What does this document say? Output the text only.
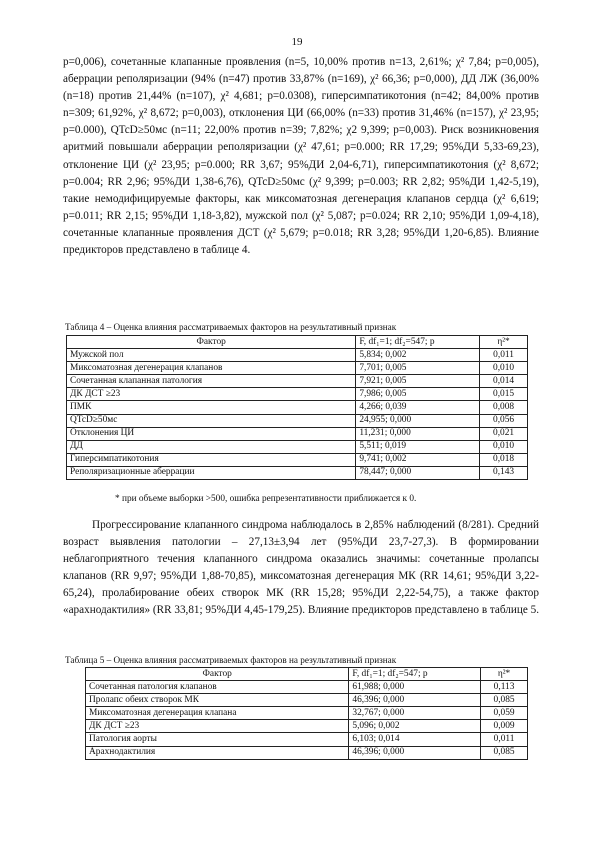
19

p=0,006), сочетанные клапанные проявления (n=5, 10,00% против n=13, 2,61%; χ² 7,84; p=0,005), аберрации реполяризации (94% (n=47) против 33,87% (n=169), χ² 66,36; p=0,000), ДД ЛЖ (36,00% (n=18) против 21,44% (n=107), χ² 4,681; p=0.0308), гиперсимпатикотония (n=42; 84,00% против n=309; 61,92%, χ² 8,672; p=0,003), отклонения ЦИ (66,00% (n=33) против 31,46% (n=157), χ² 23,95; p=0.000), QTcD≥50мс (n=11; 22,00% против n=39; 7,82%; χ2 9,399; p=0,003). Риск возникновения аритмий повышали аберрации реполяризации (χ² 47,61; p=0.000; RR 17,29; 95%ДИ 5,33-69,23), отклонение ЦИ (χ² 23,95; p=0.000; RR 3,67; 95%ДИ 2,04-6,71), гиперсимпатикотония (χ² 8,672; p=0.004; RR 2,96; 95%ДИ 1,38-6,76), QTcD≥50мс (χ² 9,399; p=0.003; RR 2,82; 95%ДИ 1,42-5,19), такие немодифицируемые факторы, как миксоматозная дегенерация клапанов сердца (χ² 6,619; p=0.011; RR 2,15; 95%ДИ 1,18-3,82), мужской пол (χ² 5,087; p=0.024; RR 2,10; 95%ДИ 1,09-4,18), сочетанные клапанные проявления ДСТ (χ² 5,679; p=0.018; RR 3,28; 95%ДИ 1,20-6,85). Влияние предикторов представлено в таблице 4.

Таблица 4 – Оценка влияния рассматриваемых факторов на результативный признак
Фактор	F, df₁=1; df₂=547; p	η²*
Мужской пол	5,834; 0,002	0,011
Миксоматозная дегенерация клапанов	7,701; 0,005	0,010
Сочетанная клапанная патология	7,921; 0,005	0,014
ДК ДСТ ≥23	7,986; 0,005	0,015
ПМК	4,266; 0,039	0,008
QTcD≥50мс	24,955; 0,000	0,056
Отклонения ЦИ	11,231; 0,000	0,021
ДД	5,511; 0,019	0,010
Гиперсимпатикотония	9,741; 0,002	0,018
Реполяризационные аберрации	78,447; 0,000	0,143
* при объеме выборки >500, ошибка репрезентативности приближается к 0.

Прогрессирование клапанного синдрома наблюдалось в 2,85% наблюдений (8/281). Средний возраст выявления патологии – 27,13±3,94 лет (95%ДИ 23,7-27,3). В формировании неблагоприятного течения клапанного синдрома оказались значимы: сочетанные пролапсы клапанов (RR 9,97; 95%ДИ 1,88-70,85), миксоматозная дегенерация МК (RR 14,61; 95%ДИ 3,22-65,24), пролабирование обеих створок МК (RR 15,28; 95%ДИ 2,22-54,75), а также фактор «арахнодактилия» (RR 33,81; 95%ДИ 4,45-179,25). Влияние предикторов представлено в таблице 5.

Таблица 5 – Оценка влияния рассматриваемых факторов на результативный признак
Фактор	F, df₁=1; df₂=547; p	η²*
Сочетанная патология клапанов	61,988; 0,000	0,113
Пролапс обеих створок МК	46,396; 0,000	0,085
Миксоматозная дегенерация клапана	32,767; 0,000	0,059
ДК ДСТ ≥23	5,096; 0,002	0,009
Патология аорты	6,103; 0,014	0,011
Арахнодактилия	46,396; 0,000	0,085
